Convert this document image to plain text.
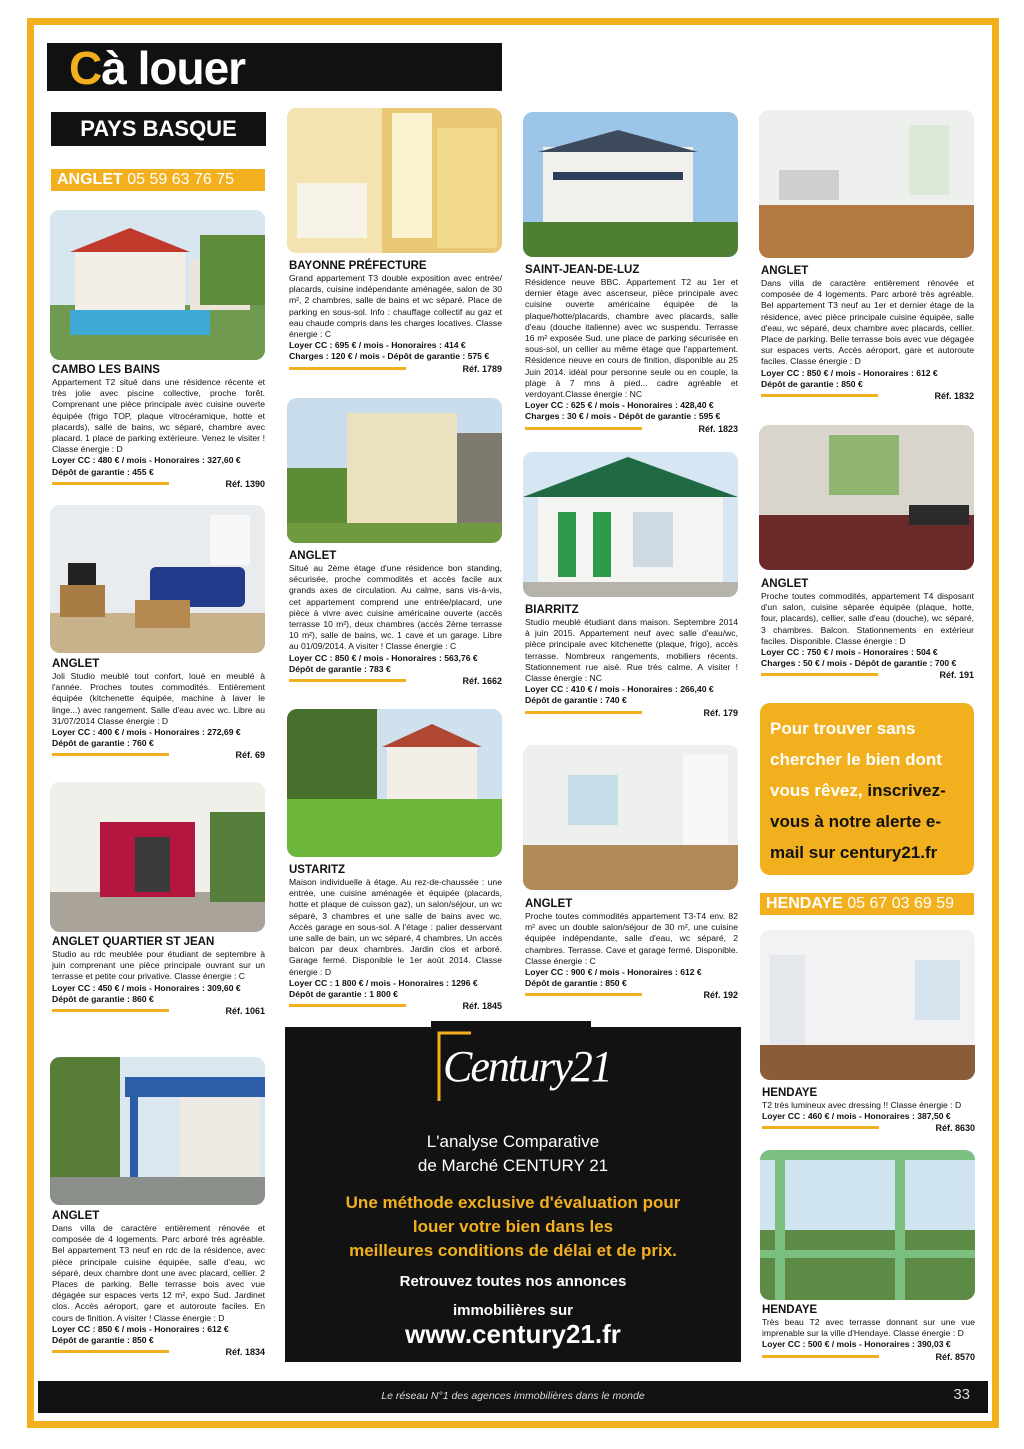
Cà louer
PAYS BASQUE
ANGLET 05 59 63 76 75
HENDAYE 05 67 03 69 59
CAMBO LES BAINS
Appartement T2 situé dans une résidence récente et très jolie avec piscine collective, proche forêt. Comprenant une pièce principale avec cuisine ouverte équipée (frigo TOP, plaque vitrocéramique, hotte et placards), salle de bains, wc séparé, chambre avec placard. 1 place de parking extérieure. Venez le visiter ! Classe énergie : D
Loyer CC : 480 € / mois - Honoraires : 327,60 €
Dépôt de garantie : 455 €
Réf. 1390
ANGLET
Joli Studio meublé tout confort, loué en meublé à l'année. Proches toutes commodités. Entièrement équipée (kitchenette équipée, machine à laver le linge...) avec rangement. Salle d'eau avec wc. Libre au 31/07/2014 Classe énergie : D
Loyer CC : 400 € / mois - Honoraires : 272,69 €
Dépôt de garantie : 760 €
Réf. 69
ANGLET QUARTIER ST JEAN
Studio au rdc meublée pour étudiant de septembre à juin comprenant une pièce principale ouvrant sur un terrasse et petite cour privative. Classe énergie : C
Loyer CC : 450 € / mois - Honoraires : 309,60 €
Dépôt de garantie : 860 €
Réf. 1061
ANGLET
Dans villa de caractère entièrement rénovée et composée de 4 logements. Parc arboré très agréable. Bel appartement T3 neuf en rdc de la résidence, avec pièce principale cuisine équipée, salle d'eau, wc séparé, deux chambre dont une avec placard, cellier. 2 Places de parking. Belle terrasse bois avec vue dégagée sur espaces verts 12 m², expo Sud. Jardinet clos. Accès aéroport, gare et autoroute faciles. En cours de finition. A visiter ! Classe énergie : D
Loyer CC : 850 € / mois - Honoraires : 612 €
Dépôt de garantie : 850 €
Réf. 1834
BAYONNE PRÉFECTURE
Grand appartement T3 double exposition avec entrée/ placards, cuisine indépendante aménagée, salon de 30 m², 2 chambres, salle de bains et wc séparé. Place de parking en sous-sol. Info : chauffage collectif au gaz et eau chaude compris dans les charges locatives. Classe énergie : C
Loyer CC : 695 € / mois - Honoraires : 414 €
Charges : 120 € / mois - Dépôt de garantie : 575 €
Réf. 1789
ANGLET
Situé au 2ème étage d'une résidence bon standing, sécurisée, proche commodités et accès facile aux grands axes de circulation. Au calme, sans vis-à-vis, cet appartement comprend une entrée/placard, une pièce à vivre avec cuisine américaine ouverte (accès terrasse 10 m²), deux chambres (accès 2ème terrasse 10 m²), salle de bains, wc. 1 cave et un garage. Libre au 01/09/2014. A visiter ! Classe énergie : C
Loyer CC : 850 € / mois - Honoraires : 563,76 €
Dépôt de garantie : 783 €
Réf. 1662
USTARITZ
Maison individuelle à étage. Au rez-de-chaussée : une entrée, une cuisine aménagée et équipée (placards, hotte et plaque de cuisson gaz), un salon/séjour, un wc séparé, 3 chambres et une salle de bains avec wc. Accès garage en sous-sol. A l'étage : palier desservant une salle de bain, un wc séparé, 4 chambres. Un accès balcon par deux chambres. Jardin clos et arboré. Garage fermé. Disponible le 1er août 2014. Classe énergie : D
Loyer CC : 1 800 € / mois - Honoraires : 1296 €
Dépôt de garantie : 1 800 €
Réf. 1845
SAINT-JEAN-DE-LUZ
Résidence neuve BBC. Appartement T2 au 1er et dernier étage avec ascenseur, pièce principale avec cuisine ouverte américaine équipée de la plaque/hotte/placards, chambre avec placards, salle d'eau (douche italienne) avec wc suspendu. Terrasse 16 m² exposée Sud. une place de parking sécurisée en sous-sol, un cellier au même étage que l'appartement. Résidence neuve en cours de finition, disponible au 25 Juin 2014. idéal pour personne seule ou en couple, la plage à 7 mns à pied... cadre agréable et verdoyant.Classe énergie : NC
Loyer CC : 625 € / mois - Honoraires : 428,40 €
Charges : 30 € / mois - Dépôt de garantie : 595 €
Réf. 1823
BIARRITZ
Studio meublé étudiant dans maison. Septembre 2014 à juin 2015. Appartement neuf avec salle d'eau/wc, pièce principale avec kitchenette (plaque, frigo), accès terrasse. Nombreux rangements, mobiliers récents. Stationnement rue aisé. Rue très calme. A visiter ! Classe énergie : NC
Loyer CC : 410 € / mois - Honoraires : 266,40 €
Dépôt de garantie : 740 €
Réf. 179
ANGLET
Proche toutes commodités appartement T3-T4 env. 82 m² avec un double salon/séjour de 30 m², une cuisine équipée indépendante, salle d'eau, wc séparé, 2 chambres. Terrasse. Cave et garage fermé. Disponible. Classe énergie : C
Loyer CC : 900 € / mois - Honoraires : 612 €
Dépôt de garantie : 850 €
Réf. 192
ANGLET
Dans villa de caractère entièrement rénovée et composée de 4 logements. Parc arboré très agréable. Bel appartement T3 neuf au 1er et dernier étage de la résidence, avec pièce principale cuisine équipée, salle d'eau, wc séparé, deux chambre avec placards, cellier. Place de parking. Belle terrasse bois avec vue dégagée sur espaces verts. Accès aéroport, gare et autoroute faciles. Classe énergie : D
Loyer CC : 850 € / mois - Honoraires : 612 €
Dépôt de garantie : 850 €
Réf. 1832
ANGLET
Proche toutes commodités, appartement T4 disposant d'un salon, cuisine séparée équipée (plaque, hotte, four, placards), cellier, salle d'eau (douche), wc séparé, 3 chambres. Balcon. Stationnements en extérieur faciles. Disponible. Classe énergie : D
Loyer CC : 750 € / mois - Honoraires : 504 €
Charges : 50 € / mois - Dépôt de garantie : 700 €
Réf. 191
Pour trouver sans chercher le bien dont vous rêvez, inscrivez-vous à notre alerte e-mail sur century21.fr
HENDAYE
T2 très lumineux avec dressing !! Classe énergie : D
Loyer CC : 460 € / mois - Honoraires : 387,50 €
Réf. 8630
HENDAYE
Très beau T2 avec terrasse donnant sur une vue imprenable sur la ville d'Hendaye. Classe énergie : D
Loyer CC : 500 € / mois - Honoraires : 390,03 €
Réf. 8570
Century21
L'analyse Comparative
de Marché CENTURY 21
Une méthode exclusive d'évaluation pour
louer votre bien dans les
meilleures conditions de délai et de prix.
Retrouvez toutes nos annonces
immobilières sur
www.century21.fr
Le réseau N°1 des agences immobilières dans le monde	33
